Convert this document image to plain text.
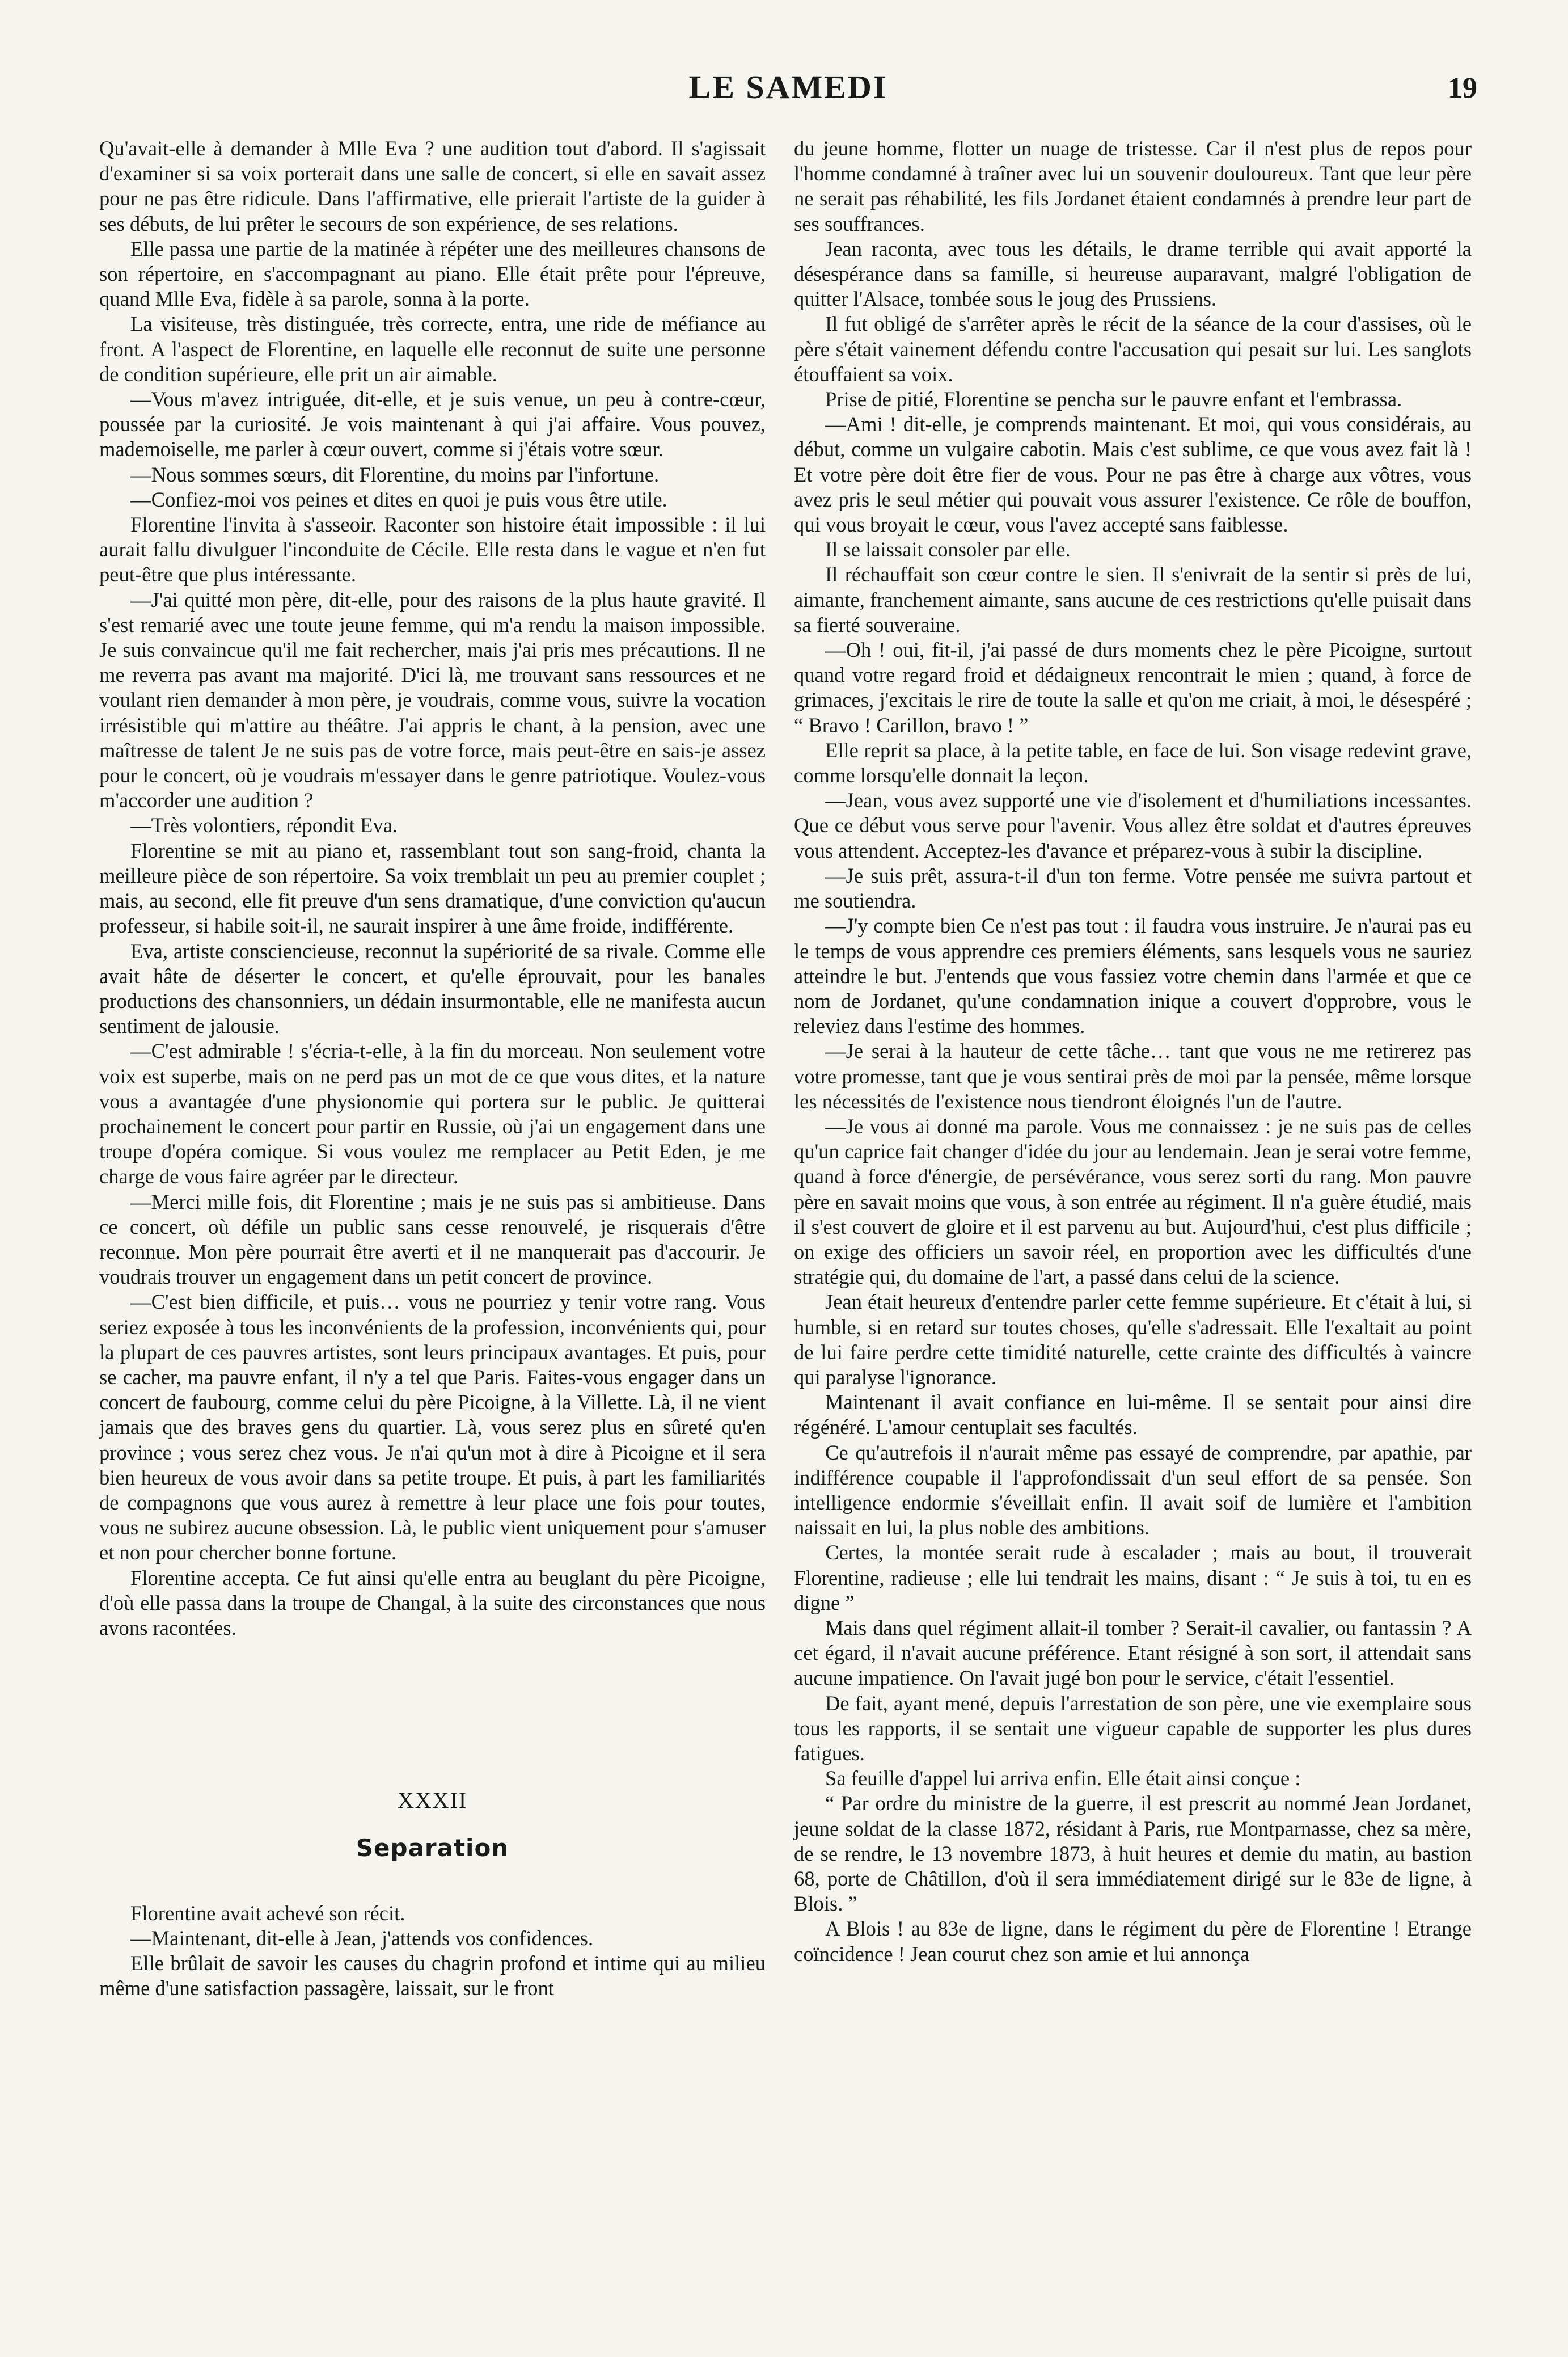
LE SAMEDI	19

Qu'avait-elle à demander à Mlle Eva ? une audition tout d'abord. Il s'agissait d'examiner si sa voix porterait dans une salle de concert, si elle en savait assez pour ne pas être ridicule. Dans l'affirmative, elle prierait l'artiste de la guider à ses débuts, de lui prêter le secours de son expérience, de ses relations.

Elle passa une partie de la matinée à répéter une des meilleures chansons de son répertoire, en s'accompagnant au piano. Elle était prête pour l'épreuve, quand Mlle Eva, fidèle à sa parole, sonna à la porte.

La visiteuse, très distinguée, très correcte, entra, une ride de méfiance au front. A l'aspect de Florentine, en laquelle elle reconnut de suite une personne de condition supérieure, elle prit un air aimable.

—Vous m'avez intriguée, dit-elle, et je suis venue, un peu à contre-cœur, poussée par la curiosité. Je vois maintenant à qui j'ai affaire. Vous pouvez, mademoiselle, me parler à cœur ouvert, comme si j'étais votre sœur.

—Nous sommes sœurs, dit Florentine, du moins par l'infortune.

—Confiez-moi vos peines et dites en quoi je puis vous être utile.

Florentine l'invita à s'asseoir. Raconter son histoire était impossible : il lui aurait fallu divulguer l'inconduite de Cécile. Elle resta dans le vague et n'en fut peut-être que plus intéressante.

—J'ai quitté mon père, dit-elle, pour des raisons de la plus haute gravité. Il s'est remarié avec une toute jeune femme, qui m'a rendu la maison impossible. Je suis convaincue qu'il me fait rechercher, mais j'ai pris mes précautions. Il ne me reverra pas avant ma majorité. D'ici là, me trouvant sans ressources et ne voulant rien demander à mon père, je voudrais, comme vous, suivre la vocation irrésistible qui m'attire au théâtre. J'ai appris le chant, à la pension, avec une maîtresse de talent Je ne suis pas de votre force, mais peut-être en sais-je assez pour le concert, où je voudrais m'essayer dans le genre patriotique. Voulez-vous m'accorder une audition ?

—Très volontiers, répondit Eva.

Florentine se mit au piano et, rassemblant tout son sang-froid, chanta la meilleure pièce de son répertoire. Sa voix tremblait un peu au premier couplet ; mais, au second, elle fit preuve d'un sens dramatique, d'une conviction qu'aucun professeur, si habile soit-il, ne saurait inspirer à une âme froide, indifférente.

Eva, artiste consciencieuse, reconnut la supériorité de sa rivale. Comme elle avait hâte de déserter le concert, et qu'elle éprouvait, pour les banales productions des chansonniers, un dédain insurmontable, elle ne manifesta aucun sentiment de jalousie.

—C'est admirable ! s'écria-t-elle, à la fin du morceau. Non seulement votre voix est superbe, mais on ne perd pas un mot de ce que vous dites, et la nature vous a avantagée d'une physionomie qui portera sur le public. Je quitterai prochainement le concert pour partir en Russie, où j'ai un engagement dans une troupe d'opéra comique. Si vous voulez me remplacer au Petit Eden, je me charge de vous faire agréer par le directeur.

—Merci mille fois, dit Florentine ; mais je ne suis pas si ambitieuse. Dans ce concert, où défile un public sans cesse renouvelé, je risquerais d'être reconnue. Mon père pourrait être averti et il ne manquerait pas d'accourir. Je voudrais trouver un engagement dans un petit concert de province.

—C'est bien difficile, et puis… vous ne pourriez y tenir votre rang. Vous seriez exposée à tous les inconvénients de la profession, inconvénients qui, pour la plupart de ces pauvres artistes, sont leurs principaux avantages. Et puis, pour se cacher, ma pauvre enfant, il n'y a tel que Paris. Faites-vous engager dans un concert de faubourg, comme celui du père Picoigne, à la Villette. Là, il ne vient jamais que des braves gens du quartier. Là, vous serez plus en sûreté qu'en province ; vous serez chez vous. Je n'ai qu'un mot à dire à Picoigne et il sera bien heureux de vous avoir dans sa petite troupe. Et puis, à part les familiarités de compagnons que vous aurez à remettre à leur place une fois pour toutes, vous ne subirez aucune obsession. Là, le public vient uniquement pour s'amuser et non pour chercher bonne fortune.

Florentine accepta. Ce fut ainsi qu'elle entra au beuglant du père Picoigne, d'où elle passa dans la troupe de Changal, à la suite des circonstances que nous avons racontées.

XXXII

Separation

Florentine avait achevé son récit.

—Maintenant, dit-elle à Jean, j'attends vos confidences.

Elle brûlait de savoir les causes du chagrin profond et intime qui au milieu même d'une satisfaction passagère, laissait, sur le front

du jeune homme, flotter un nuage de tristesse. Car il n'est plus de repos pour l'homme condamné à traîner avec lui un souvenir douloureux. Tant que leur père ne serait pas réhabilité, les fils Jordanet étaient condamnés à prendre leur part de ses souffrances.

Jean raconta, avec tous les détails, le drame terrible qui avait apporté la désespérance dans sa famille, si heureuse auparavant, malgré l'obligation de quitter l'Alsace, tombée sous le joug des Prussiens.

Il fut obligé de s'arrêter après le récit de la séance de la cour d'assises, où le père s'était vainement défendu contre l'accusation qui pesait sur lui. Les sanglots étouffaient sa voix.

Prise de pitié, Florentine se pencha sur le pauvre enfant et l'embrassa.

—Ami ! dit-elle, je comprends maintenant. Et moi, qui vous considérais, au début, comme un vulgaire cabotin. Mais c'est sublime, ce que vous avez fait là ! Et votre père doit être fier de vous. Pour ne pas être à charge aux vôtres, vous avez pris le seul métier qui pouvait vous assurer l'existence. Ce rôle de bouffon, qui vous broyait le cœur, vous l'avez accepté sans faiblesse.

Il se laissait consoler par elle.

Il réchauffait son cœur contre le sien. Il s'enivrait de la sentir si près de lui, aimante, franchement aimante, sans aucune de ces restrictions qu'elle puisait dans sa fierté souveraine.

—Oh ! oui, fit-il, j'ai passé de durs moments chez le père Picoigne, surtout quand votre regard froid et dédaigneux rencontrait le mien ; quand, à force de grimaces, j'excitais le rire de toute la salle et qu'on me criait, à moi, le désespéré ; “ Bravo ! Carillon, bravo ! ”

Elle reprit sa place, à la petite table, en face de lui. Son visage redevint grave, comme lorsqu'elle donnait la leçon.

—Jean, vous avez supporté une vie d'isolement et d'humiliations incessantes. Que ce début vous serve pour l'avenir. Vous allez être soldat et d'autres épreuves vous attendent. Acceptez-les d'avance et préparez-vous à subir la discipline.

—Je suis prêt, assura-t-il d'un ton ferme. Votre pensée me suivra partout et me soutiendra.

—J'y compte bien Ce n'est pas tout : il faudra vous instruire. Je n'aurai pas eu le temps de vous apprendre ces premiers éléments, sans lesquels vous ne sauriez atteindre le but. J'entends que vous fassiez votre chemin dans l'armée et que ce nom de Jordanet, qu'une condamnation inique a couvert d'opprobre, vous le releviez dans l'estime des hommes.

—Je serai à la hauteur de cette tâche… tant que vous ne me retirerez pas votre promesse, tant que je vous sentirai près de moi par la pensée, même lorsque les nécessités de l'existence nous tiendront éloignés l'un de l'autre.

—Je vous ai donné ma parole. Vous me connaissez : je ne suis pas de celles qu'un caprice fait changer d'idée du jour au lendemain. Jean je serai votre femme, quand à force d'énergie, de persévérance, vous serez sorti du rang. Mon pauvre père en savait moins que vous, à son entrée au régiment. Il n'a guère étudié, mais il s'est couvert de gloire et il est parvenu au but. Aujourd'hui, c'est plus difficile ; on exige des officiers un savoir réel, en proportion avec les difficultés d'une stratégie qui, du domaine de l'art, a passé dans celui de la science.

Jean était heureux d'entendre parler cette femme supérieure. Et c'était à lui, si humble, si en retard sur toutes choses, qu'elle s'adressait. Elle l'exaltait au point de lui faire perdre cette timidité naturelle, cette crainte des difficultés à vaincre qui paralyse l'ignorance.

Maintenant il avait confiance en lui-même. Il se sentait pour ainsi dire régénéré. L'amour centuplait ses facultés.

Ce qu'autrefois il n'aurait même pas essayé de comprendre, par apathie, par indifférence coupable il l'approfondissait d'un seul effort de sa pensée. Son intelligence endormie s'éveillait enfin. Il avait soif de lumière et l'ambition naissait en lui, la plus noble des ambitions.

Certes, la montée serait rude à escalader ; mais au bout, il trouverait Florentine, radieuse ; elle lui tendrait les mains, disant : “ Je suis à toi, tu en es digne ”

Mais dans quel régiment allait-il tomber ? Serait-il cavalier, ou fantassin ? A cet égard, il n'avait aucune préférence. Etant résigné à son sort, il attendait sans aucune impatience. On l'avait jugé bon pour le service, c'était l'essentiel.

De fait, ayant mené, depuis l'arrestation de son père, une vie exemplaire sous tous les rapports, il se sentait une vigueur capable de supporter les plus dures fatigues.

Sa feuille d'appel lui arriva enfin. Elle était ainsi conçue :

“ Par ordre du ministre de la guerre, il est prescrit au nommé Jean Jordanet, jeune soldat de la classe 1872, résidant à Paris, rue Montparnasse, chez sa mère, de se rendre, le 13 novembre 1873, à huit heures et demie du matin, au bastion 68, porte de Châtillon, d'où il sera immédiatement dirigé sur le 83e de ligne, à Blois. ”

A Blois ! au 83e de ligne, dans le régiment du père de Florentine ! Etrange coïncidence ! Jean courut chez son amie et lui annonça
